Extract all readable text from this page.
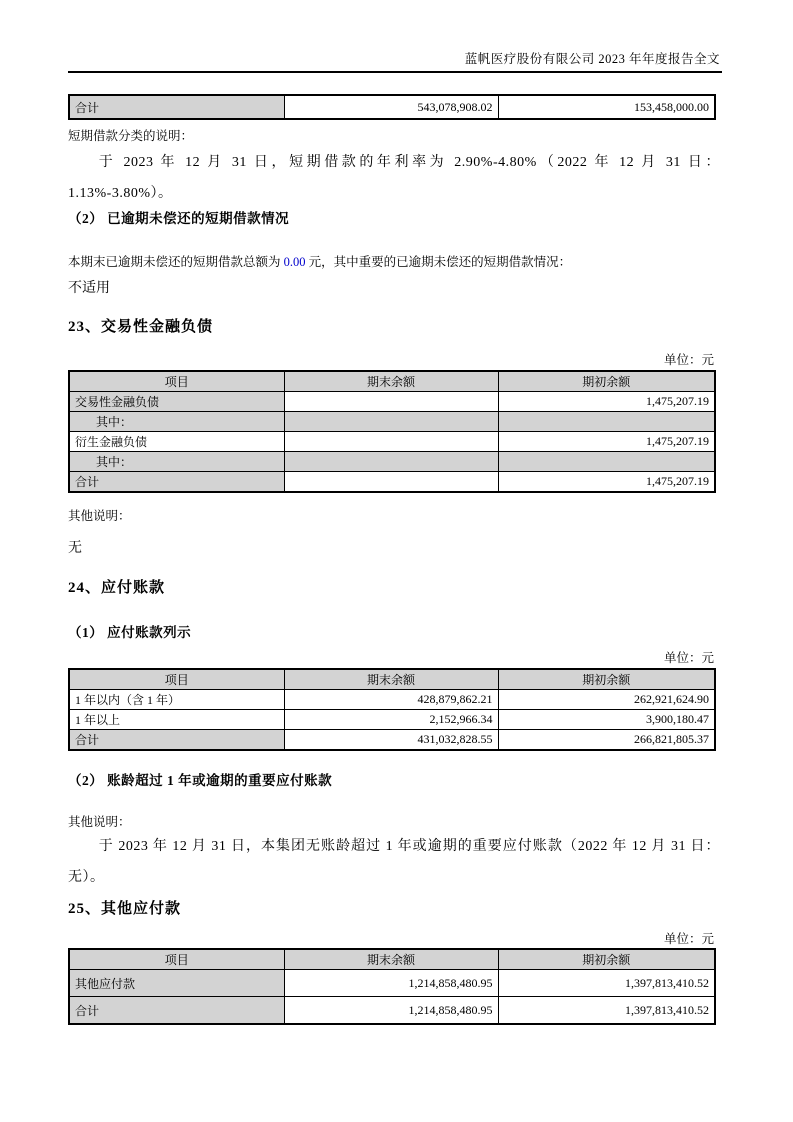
蓝帆医疗股份有限公司 2023 年年度报告全文
合计	543,078,908.02	153,458,000.00
短期借款分类的说明：
于 2023 年 12 月 31 日，短期借款的年利率为 2.90%-4.80%（2022 年 12 月 31 日：1.13%-3.80%）。
（2） 已逾期未偿还的短期借款情况
本期末已逾期未偿还的短期借款总额为 0.00 元，其中重要的已逾期未偿还的短期借款情况：
不适用
23、交易性金融负债
单位：元
项目	期末余额	期初余额
交易性金融负债		1,475,207.19
其中：		
衍生金融负债		1,475,207.19
其中：		
合计		1,475,207.19
其他说明：
无
24、应付账款
（1） 应付账款列示
单位：元
项目	期末余额	期初余额
1 年以内（含 1 年）	428,879,862.21	262,921,624.90
1 年以上	2,152,966.34	3,900,180.47
合计	431,032,828.55	266,821,805.37
（2） 账龄超过 1 年或逾期的重要应付账款
其他说明：
于 2023 年 12 月 31 日，本集团无账龄超过 1 年或逾期的重要应付账款（2022 年 12 月 31 日：无）。
25、其他应付款
单位：元
项目	期末余额	期初余额
其他应付款	1,214,858,480.95	1,397,813,410.52
合计	1,214,858,480.95	1,397,813,410.52
